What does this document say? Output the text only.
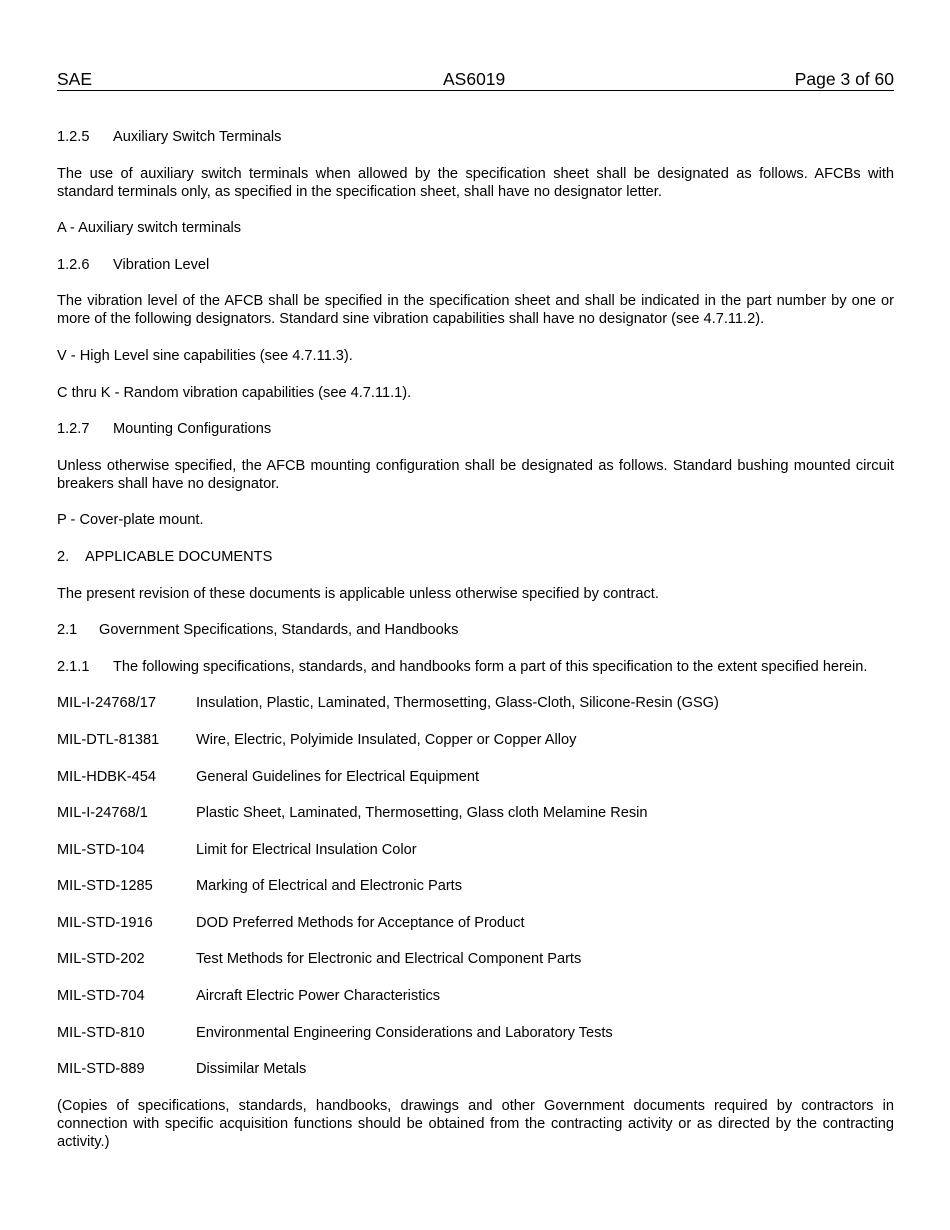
SAE	AS6019	Page 3 of 60
1.2.5 Auxiliary Switch Terminals
The use of auxiliary switch terminals when allowed by the specification sheet shall be designated as follows. AFCBs with standard terminals only, as specified in the specification sheet, shall have no designator letter.
A - Auxiliary switch terminals
1.2.6 Vibration Level
The vibration level of the AFCB shall be specified in the specification sheet and shall be indicated in the part number by one or more of the following designators. Standard sine vibration capabilities shall have no designator (see 4.7.11.2).
V - High Level sine capabilities (see 4.7.11.3).
C thru K - Random vibration capabilities (see 4.7.11.1).
1.2.7 Mounting Configurations
Unless otherwise specified, the AFCB mounting configuration shall be designated as follows. Standard bushing mounted circuit breakers shall have no designator.
P - Cover-plate mount.
2. APPLICABLE DOCUMENTS
The present revision of these documents is applicable unless otherwise specified by contract.
2.1 Government Specifications, Standards, and Handbooks
2.1.1	The following specifications, standards, and handbooks form a part of this specification to the extent specified herein.
MIL-I-24768/17	Insulation, Plastic, Laminated, Thermosetting, Glass-Cloth, Silicone-Resin (GSG)
MIL-DTL-81381	Wire, Electric, Polyimide Insulated, Copper or Copper Alloy
MIL-HDBK-454	General Guidelines for Electrical Equipment
MIL-I-24768/1	Plastic Sheet, Laminated, Thermosetting, Glass cloth Melamine Resin
MIL-STD-104	Limit for Electrical Insulation Color
MIL-STD-1285	Marking of Electrical and Electronic Parts
MIL-STD-1916	DOD Preferred Methods for Acceptance of Product
MIL-STD-202	Test Methods for Electronic and Electrical Component Parts
MIL-STD-704	Aircraft Electric Power Characteristics
MIL-STD-810	Environmental Engineering Considerations and Laboratory Tests
MIL-STD-889	Dissimilar Metals
(Copies of specifications, standards, handbooks, drawings and other Government documents required by contractors in connection with specific acquisition functions should be obtained from the contracting activity or as directed by the contracting activity.)
